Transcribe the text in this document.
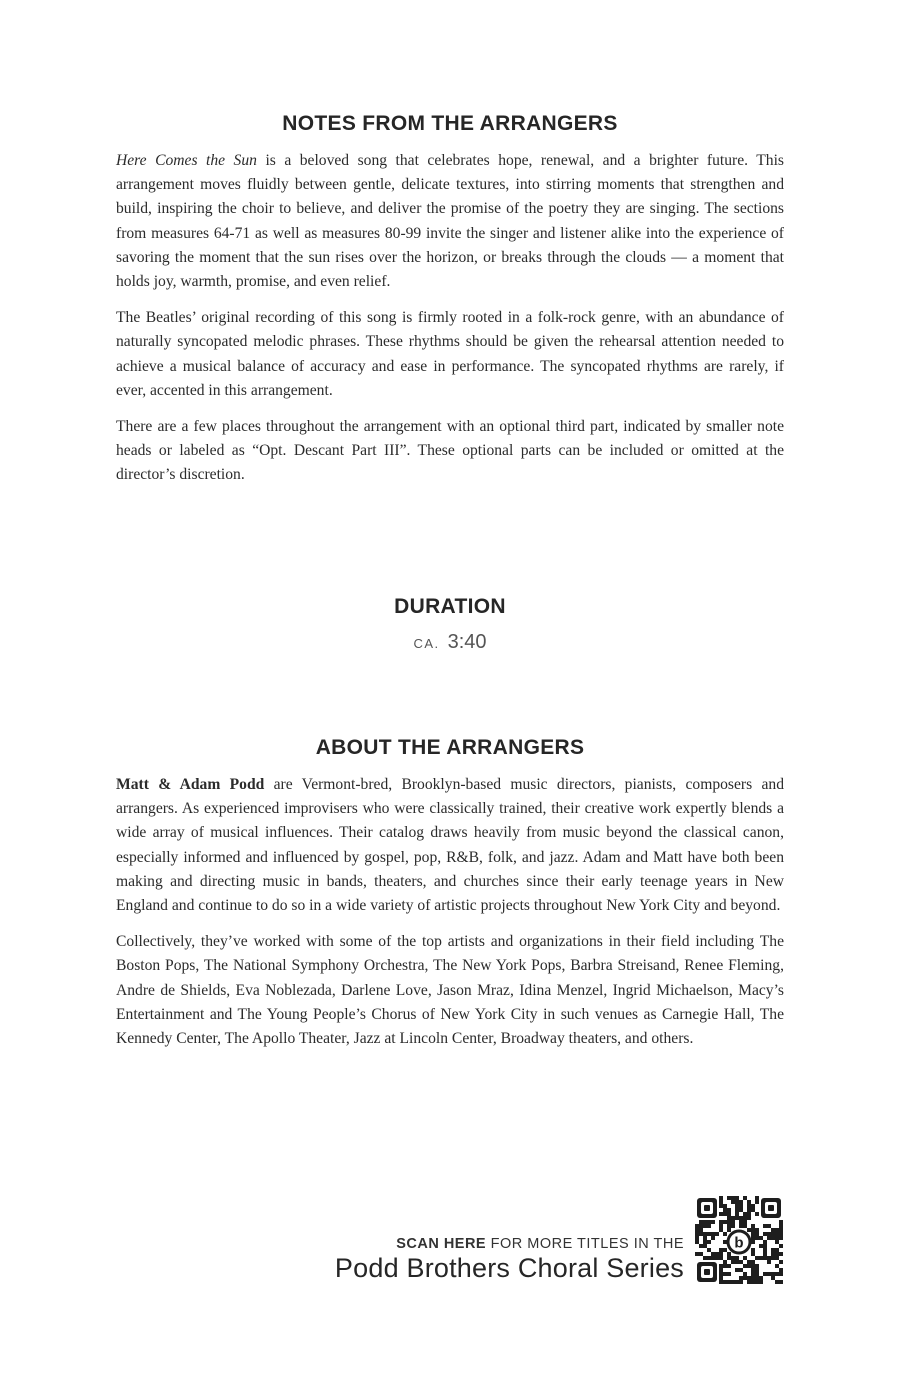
NOTES FROM THE ARRANGERS

Here Comes the Sun is a beloved song that celebrates hope, renewal, and a brighter future. This arrangement moves fluidly between gentle, delicate textures, into stirring moments that strengthen and build, inspiring the choir to believe, and deliver the promise of the poetry they are singing. The sections from measures 64-71 as well as measures 80-99 invite the singer and listener alike into the experience of savoring the moment that the sun rises over the horizon, or breaks through the clouds — a moment that holds joy, warmth, promise, and even relief.

The Beatles’ original recording of this song is firmly rooted in a folk-rock genre, with an abundance of naturally syncopated melodic phrases. These rhythms should be given the rehearsal attention needed to achieve a musical balance of accuracy and ease in performance. The syncopated rhythms are rarely, if ever, accented in this arrangement.

There are a few places throughout the arrangement with an optional third part, indicated by smaller note heads or labeled as “Opt. Descant Part III”. These optional parts can be included or omitted at the director’s discretion.

DURATION
CA. 3:40
ABOUT THE ARRANGERS

Matt & Adam Podd are Vermont-bred, Brooklyn-based music directors, pianists, composers and arrangers. As experienced improvisers who were classically trained, their creative work expertly blends a wide array of musical influences. Their catalog draws heavily from music beyond the classical canon, especially informed and influenced by gospel, pop, R&B, folk, and jazz. Adam and Matt have both been making and directing music in bands, theaters, and churches since their early teenage years in New England and continue to do so in a wide variety of artistic projects throughout New York City and beyond.

Collectively, they’ve worked with some of the top artists and organizations in their field including The Boston Pops, The National Symphony Orchestra, The New York Pops, Barbra Streisand, Renee Fleming, Andre de Shields, Eva Noblezada, Darlene Love, Jason Mraz, Idina Menzel, Ingrid Michaelson, Macy’s Entertainment and The Young People’s Chorus of New York City in such venues as Carnegie Hall, The Kennedy Center, The Apollo Theater, Jazz at Lincoln Center, Broadway theaters, and others.

SCAN HERE FOR MORE TITLES IN THE
Podd Brothers Choral Series
b
